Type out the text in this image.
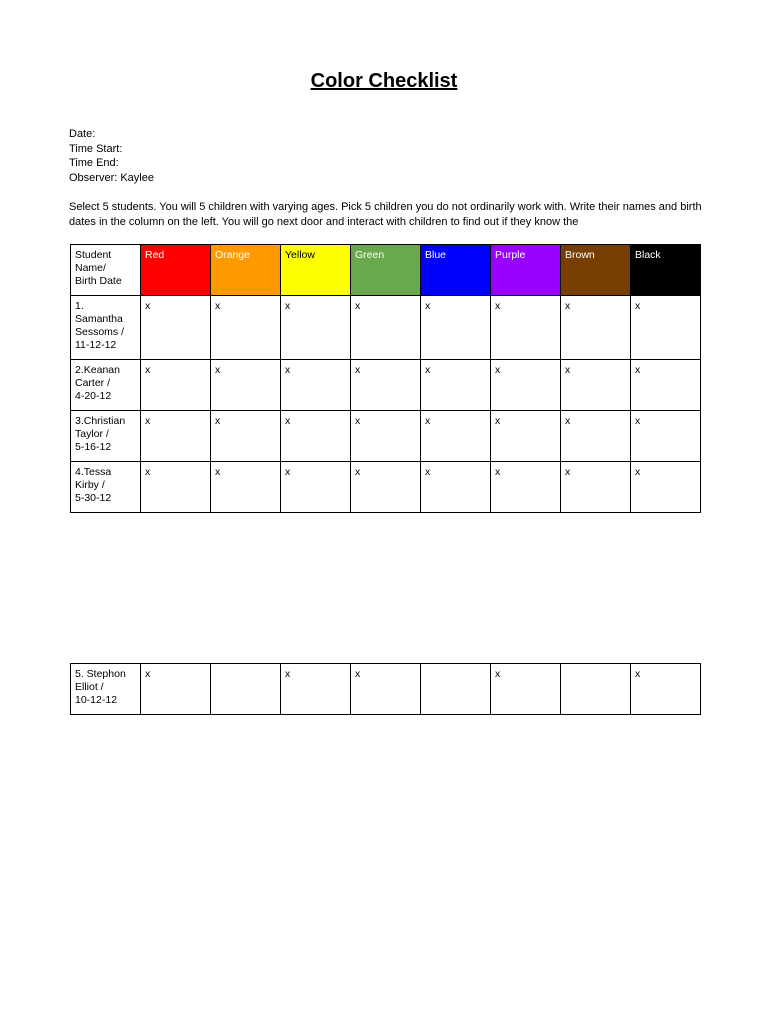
Color Checklist
Date:
Time Start:
Time End:
Observer: Kaylee
Select 5 students. You will 5 children with varying ages. Pick 5 children you do not ordinarily work with. Write their names and birth dates in the column on the left. You will go next door and interact with children to find out if they know the
Student
Name/
Birth Date	Red	Orange	Yellow	Green	Blue	Purple	Brown	Black

1.
Samantha
Sessoms /
11-12-12	x	x	x	x	x	x	x	x

2.Keanan
Carter /
4-20-12	x	x	x	x	x	x	x	x

3.Christian
Taylor /
5-16-12	x	x	x	x	x	x	x	x

4.Tessa
Kirby /
5-30-12	x	x	x	x	x	x	x	x
5. Stephon
Elliot /
10-12-12
	x		x	x		x		x
